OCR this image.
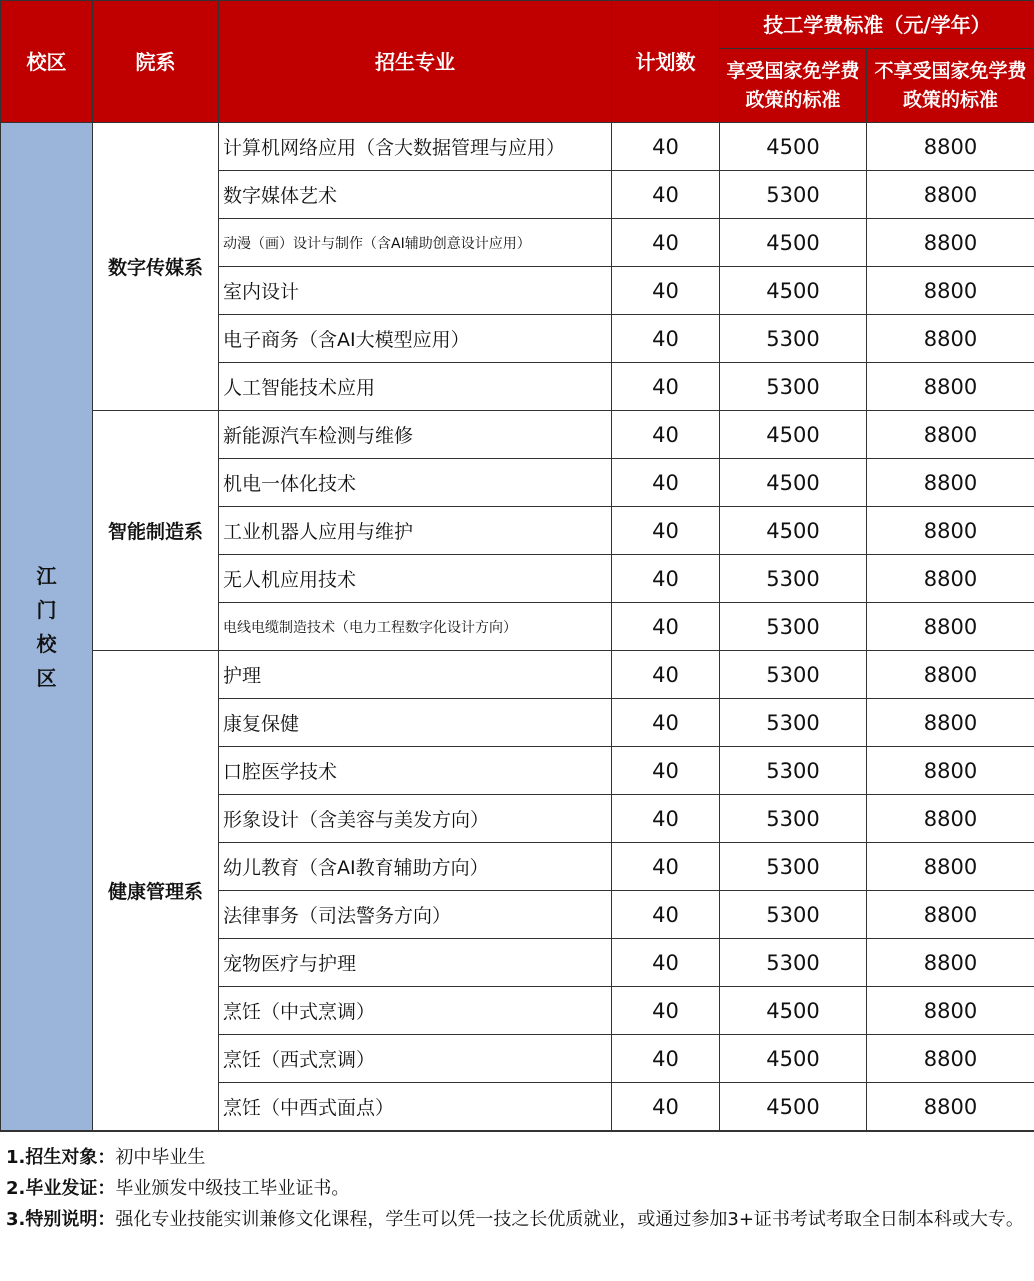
校区	院系	招生专业	计划数	技工学费标准（元/学年）	
				享受国家免学费政策的标准	不享受国家免学费政策的标准

江
门
校
区	数字传媒系	计算机网络应用（含大数据管理与应用）	40	4500	8800
		数字媒体艺术	40	5300	8800
		动漫（画）设计与制作（含AI辅助创意设计应用）	40	4500	8800
		室内设计	40	4500	8800
		电子商务（含AI大模型应用）	40	5300	8800
		人工智能技术应用	40	5300	8800
	智能制造系	新能源汽车检测与维修	40	4500	8800
		机电一体化技术	40	4500	8800
		工业机器人应用与维护	40	4500	8800
		无人机应用技术	40	5300	8800
		电线电缆制造技术（电力工程数字化设计方向）	40	5300	8800
	健康管理系	护理	40	5300	8800
		康复保健	40	5300	8800
		口腔医学技术	40	5300	8800
		形象设计（含美容与美发方向）	40	5300	8800
		幼儿教育（含AI教育辅助方向）	40	5300	8800
		法律事务（司法警务方向）	40	5300	8800
		宠物医疗与护理	40	5300	8800
		烹饪（中式烹调）	40	4500	8800
		烹饪（西式烹调）	40	4500	8800
		烹饪（中西式面点）	40	4500	8800
1.招生对象：初中毕业生
2.毕业发证：毕业颁发中级技工毕业证书。
3.特别说明：强化专业技能实训兼修文化课程，学生可以凭一技之长优质就业，或通过参加3+证书考试考取全日制本科或大专。
